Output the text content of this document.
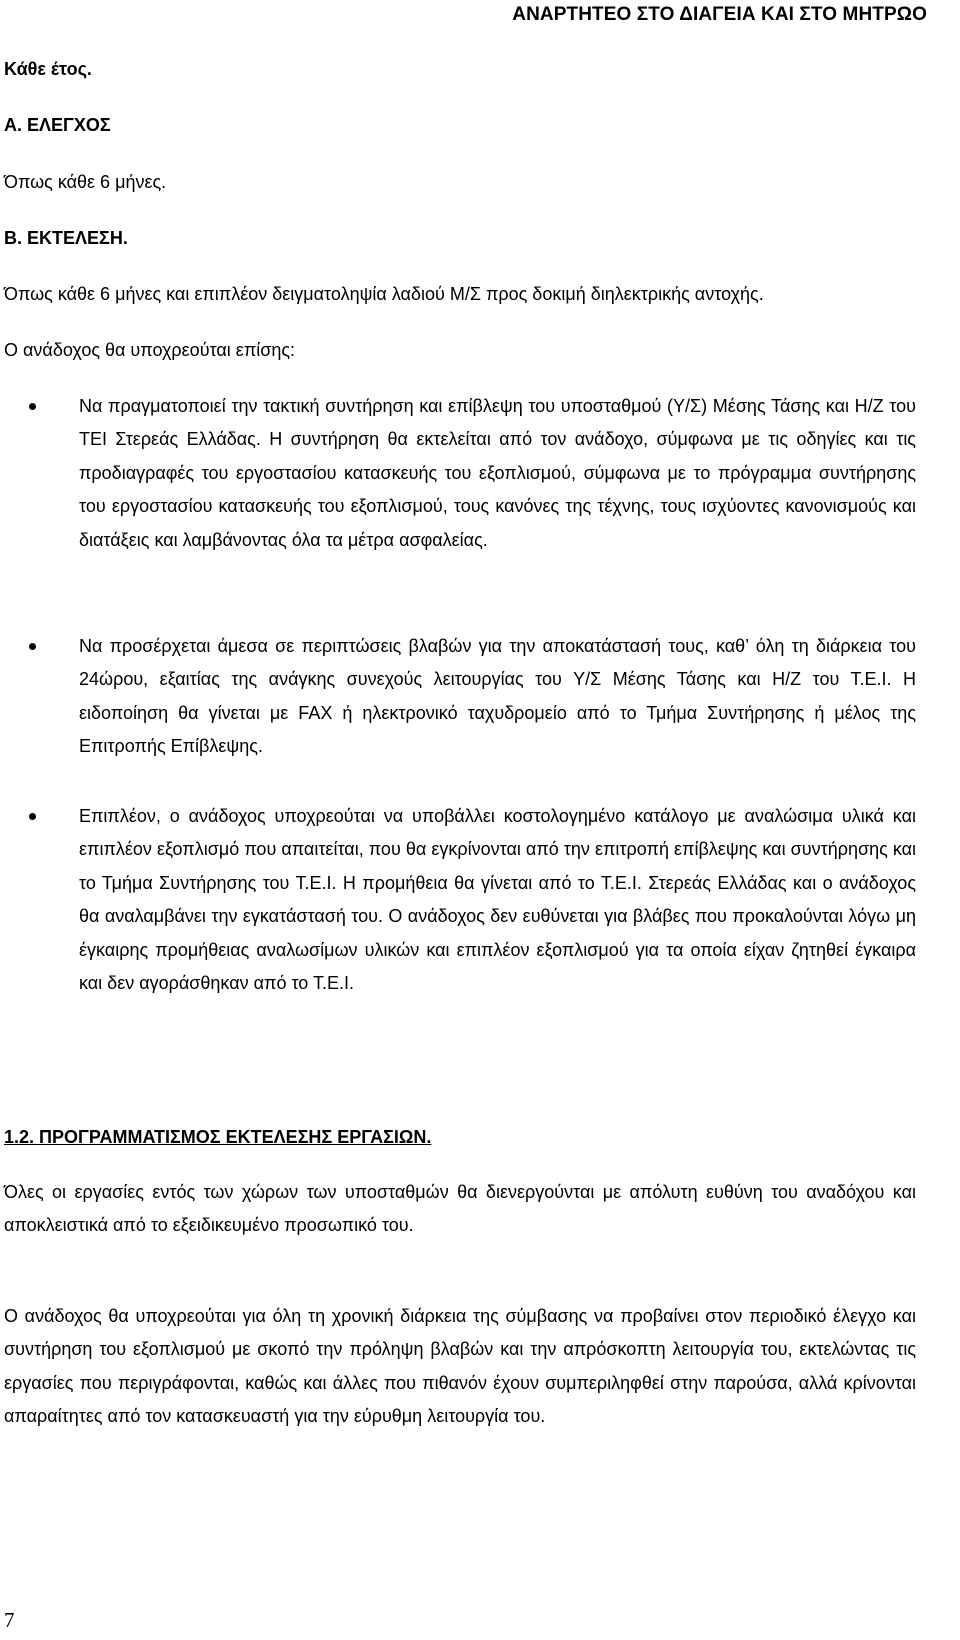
ΑΝΑΡΤΗΤΕΟ ΣΤΟ ΔΙΑΓΕΙΑ ΚΑΙ ΣΤΟ ΜΗΤΡΩΟ
Κάθε έτος.
Α. ΕΛΕΓΧΟΣ
Όπως κάθε 6 μήνες.
Β. ΕΚΤΕΛΕΣΗ.
Όπως κάθε 6 μήνες και επιπλέον δειγματοληψία λαδιού Μ/Σ προς δοκιμή διηλεκτρικής αντοχής.
Ο ανάδοχος θα υποχρεούται επίσης:

Να πραγματοποιεί την τακτική συντήρηση και επίβλεψη του υποσταθμού (Υ/Σ) Μέσης Τάσης και Η/Ζ του ΤΕΙ Στερεάς Ελλάδας. Η συντήρηση θα εκτελείται από τον ανάδοχο, σύμφωνα με τις οδηγίες και τις προδιαγραφές του εργοστασίου κατασκευής του εξοπλισμού, σύμφωνα με το πρόγραμμα συντήρησης του εργοστασίου κατασκευής του εξοπλισμού, τους κανόνες της τέχνης, τους ισχύοντες κανονισμούς και διατάξεις και λαμβάνοντας όλα τα μέτρα ασφαλείας.

Να προσέρχεται άμεσα σε περιπτώσεις βλαβών για την αποκατάστασή τους, καθ’ όλη τη διάρκεια του 24ώρου, εξαιτίας της ανάγκης συνεχούς λειτουργίας του Υ/Σ Μέσης Τάσης και Η/Ζ του Τ.Ε.Ι. Η ειδοποίηση θα γίνεται με FAX ή ηλεκτρονικό ταχυδρομείο από το Τμήμα Συντήρησης ή μέλος της Επιτροπής Επίβλεψης.

Επιπλέον, ο ανάδοχος υποχρεούται να υποβάλλει κοστολογημένο κατάλογο με αναλώσιμα υλικά και επιπλέον εξοπλισμό που απαιτείται, που θα εγκρίνονται από την επιτροπή επίβλεψης και συντήρησης και το Τμήμα Συντήρησης του Τ.Ε.Ι. Η προμήθεια θα γίνεται από το Τ.Ε.Ι. Στερεάς Ελλάδας και ο ανάδοχος θα αναλαμβάνει την εγκατάστασή του. Ο ανάδοχος δεν ευθύνεται για βλάβες που προκαλούνται λόγω μη έγκαιρης προμήθειας αναλωσίμων υλικών και επιπλέον εξοπλισμού για τα οποία είχαν ζητηθεί έγκαιρα και δεν αγοράσθηκαν από το Τ.Ε.Ι.

1.2. ΠΡΟΓΡΑΜΜΑΤΙΣΜΟΣ ΕΚΤΕΛΕΣΗΣ ΕΡΓΑΣΙΩΝ.

Όλες οι εργασίες εντός των χώρων των υποσταθμών θα διενεργούνται με απόλυτη ευθύνη του αναδόχου και αποκλειστικά από το εξειδικευμένο προσωπικό του.

Ο ανάδοχος θα υποχρεούται για όλη τη χρονική διάρκεια της σύμβασης να προβαίνει στον περιοδικό έλεγχο και συντήρηση του εξοπλισμού με σκοπό την πρόληψη βλαβών και την απρόσκοπτη λειτουργία του, εκτελώντας τις εργασίες που περιγράφονται, καθώς και άλλες που πιθανόν έχουν συμπεριληφθεί στην παρούσα, αλλά κρίνονται απαραίτητες από τον κατασκευαστή για την εύρυθμη λειτουργία του.

7
